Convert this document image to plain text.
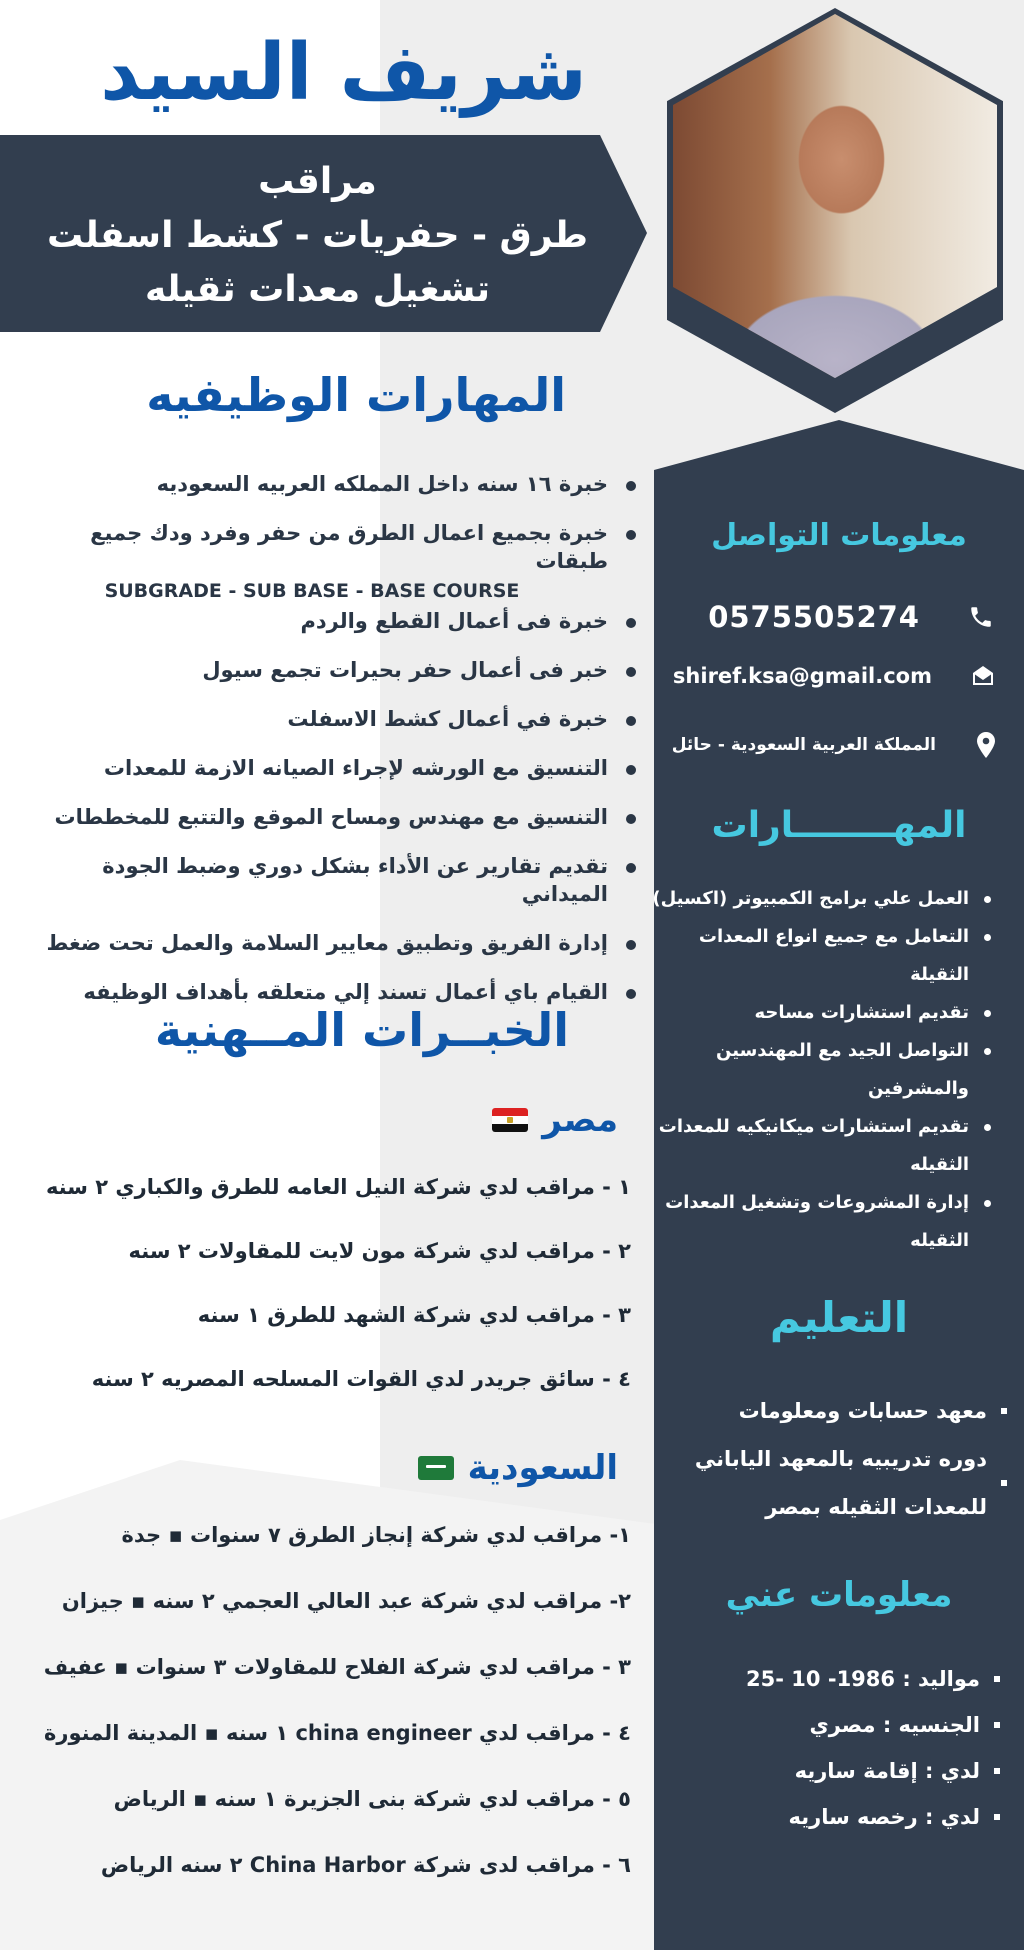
شريف السيد
مراقب
طرق - حفريات - كشط اسفلت
تشغيل معدات ثقيله
المهارات الوظيفيه
خبرة ١٦ سنه داخل المملكه العربيه السعوديه
خبرة بجميع اعمال الطرق من حفر وفرد ودك جميع طبقات
SUBGRADE - SUB BASE - BASE COURSE
خبرة فى أعمال القطع والردم
خبر فى أعمال حفر بحيرات تجمع سيول
خبرة في أعمال كشط الاسفلت
التنسيق مع الورشه لإجراء الصيانه الازمة للمعدات
التنسيق مع مهندس ومساح الموقع والتتبع للمخططات
تقديم تقارير عن الأداء بشكل دوري وضبط الجودة الميداني
إدارة الفريق وتطبيق معايير السلامة والعمل تحت ضغط
القيام باي أعمال تسند إلي متعلقه بأهداف الوظيفه
الخبــرات المــهنية
مصر
١ - مراقب لدي شركة النيل العامه للطرق والكباري ٢ سنه
٢ - مراقب لدي شركة مون لايت للمقاولات ٢ سنه
٣ - مراقب لدي شركة الشهد للطرق ١ سنه
٤ - سائق جريدر لدي القوات المسلحه المصريه ٢ سنه
السعودية
١- مراقب لدي شركة إنجاز الطرق ٧ سنوات ▪ جدة
٢- مراقب لدي شركة عبد العالي العجمي ٢ سنه ▪ جيزان
٣ - مراقب لدي شركة الفلاح للمقاولات ٣ سنوات ▪ عفيف
٤ - مراقب لدي china engineer ١ سنه ▪ المدينة المنورة
٥ - مراقب لدي شركة بنى الجزيرة ١ سنه ▪ الرياض
٦ - مراقب لدى شركة China Harbor ٢ سنه الرياض
معلومات التواصل
0575505274
shiref.ksa@gmail.com
المملكة العربية السعودية - حائل
المهــــــــارات
العمل علي برامج الكمبيوتر (اكسيل)
التعامل مع جميع انواع المعدات الثقيلة
تقديم استشارات مساحه
التواصل الجيد مع المهندسين والمشرفين
تقديم استشارات ميكانيكيه للمعدات الثقيله
إدارة المشروعات وتشغيل المعدات الثقيله
التعليم
معهد حسابات ومعلومات
دوره تدريبيه بالمعهد الياباني للمعدات الثقيله بمصر
معلومات عني
مواليد : 1986- 10 -25
الجنسيه : مصري
لدي : إقامة ساريه
لدي : رخصه ساريه
